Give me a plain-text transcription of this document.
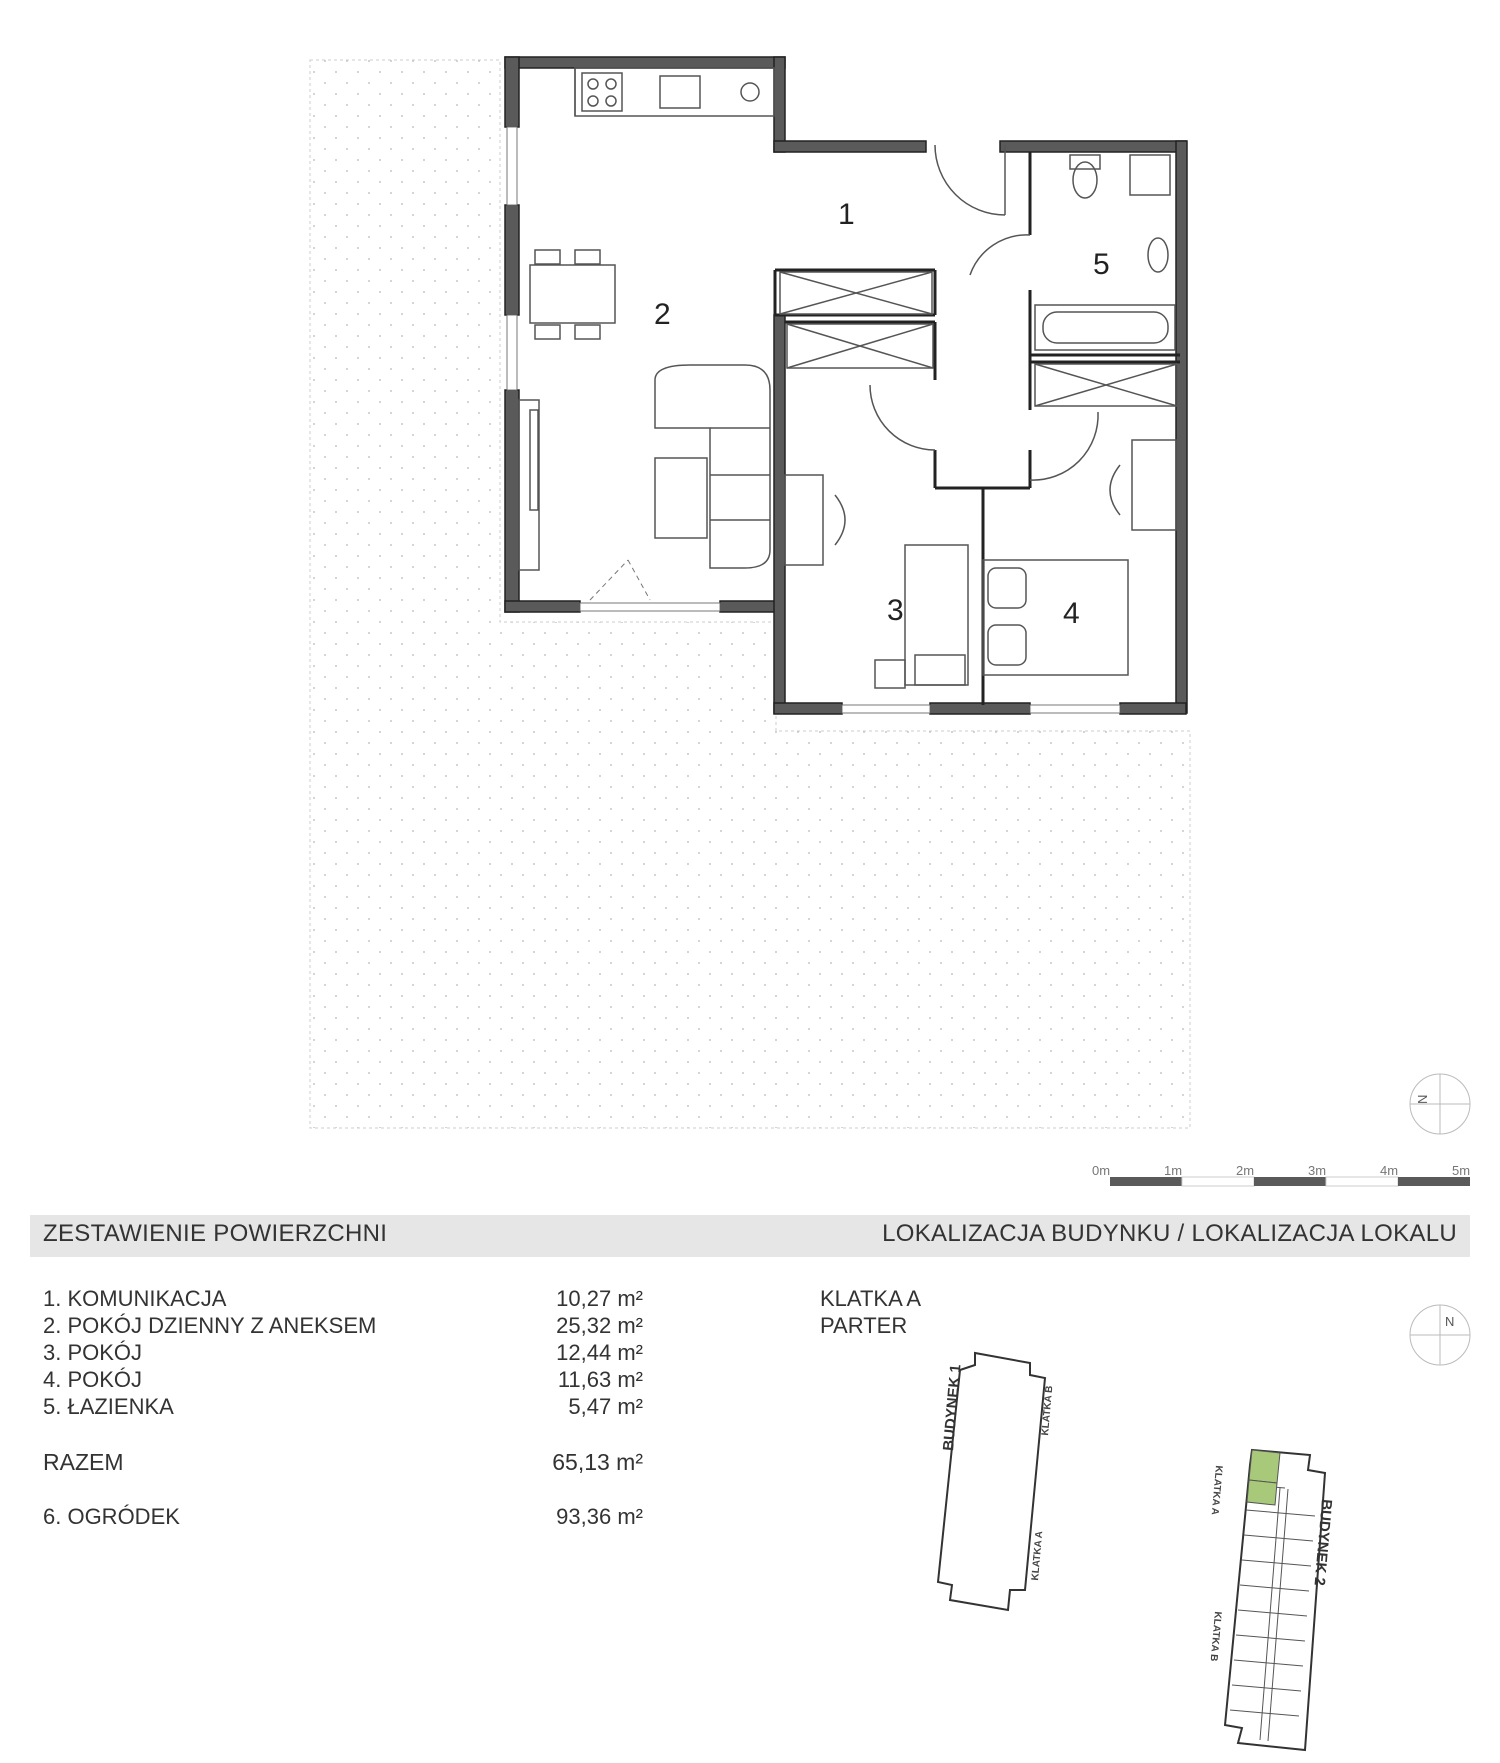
N
1
2
3	4
5
0m	1m	2m	3m	4m	5m
ZESTAWIENIE POWIERZCHNI	LOKALIZACJA BUDYNKU / LOKALIZACJA LOKALU
1. KOMUNIKACJA	10,27 m²
2. POKÓJ DZIENNY Z ANEKSEM	25,32 m²
3. POKÓJ	12,44 m²
4. POKÓJ	11,63 m²
5. ŁAZIENKA	5,47 m²
RAZEM	65,13 m²
6. OGRÓDEK	93,36 m²
KLATKA A
PARTER	N
BUDYNEK 1
BUDYNEK 2
KLATKA B
KLATKA A
KLATKA A
KLATKA B
